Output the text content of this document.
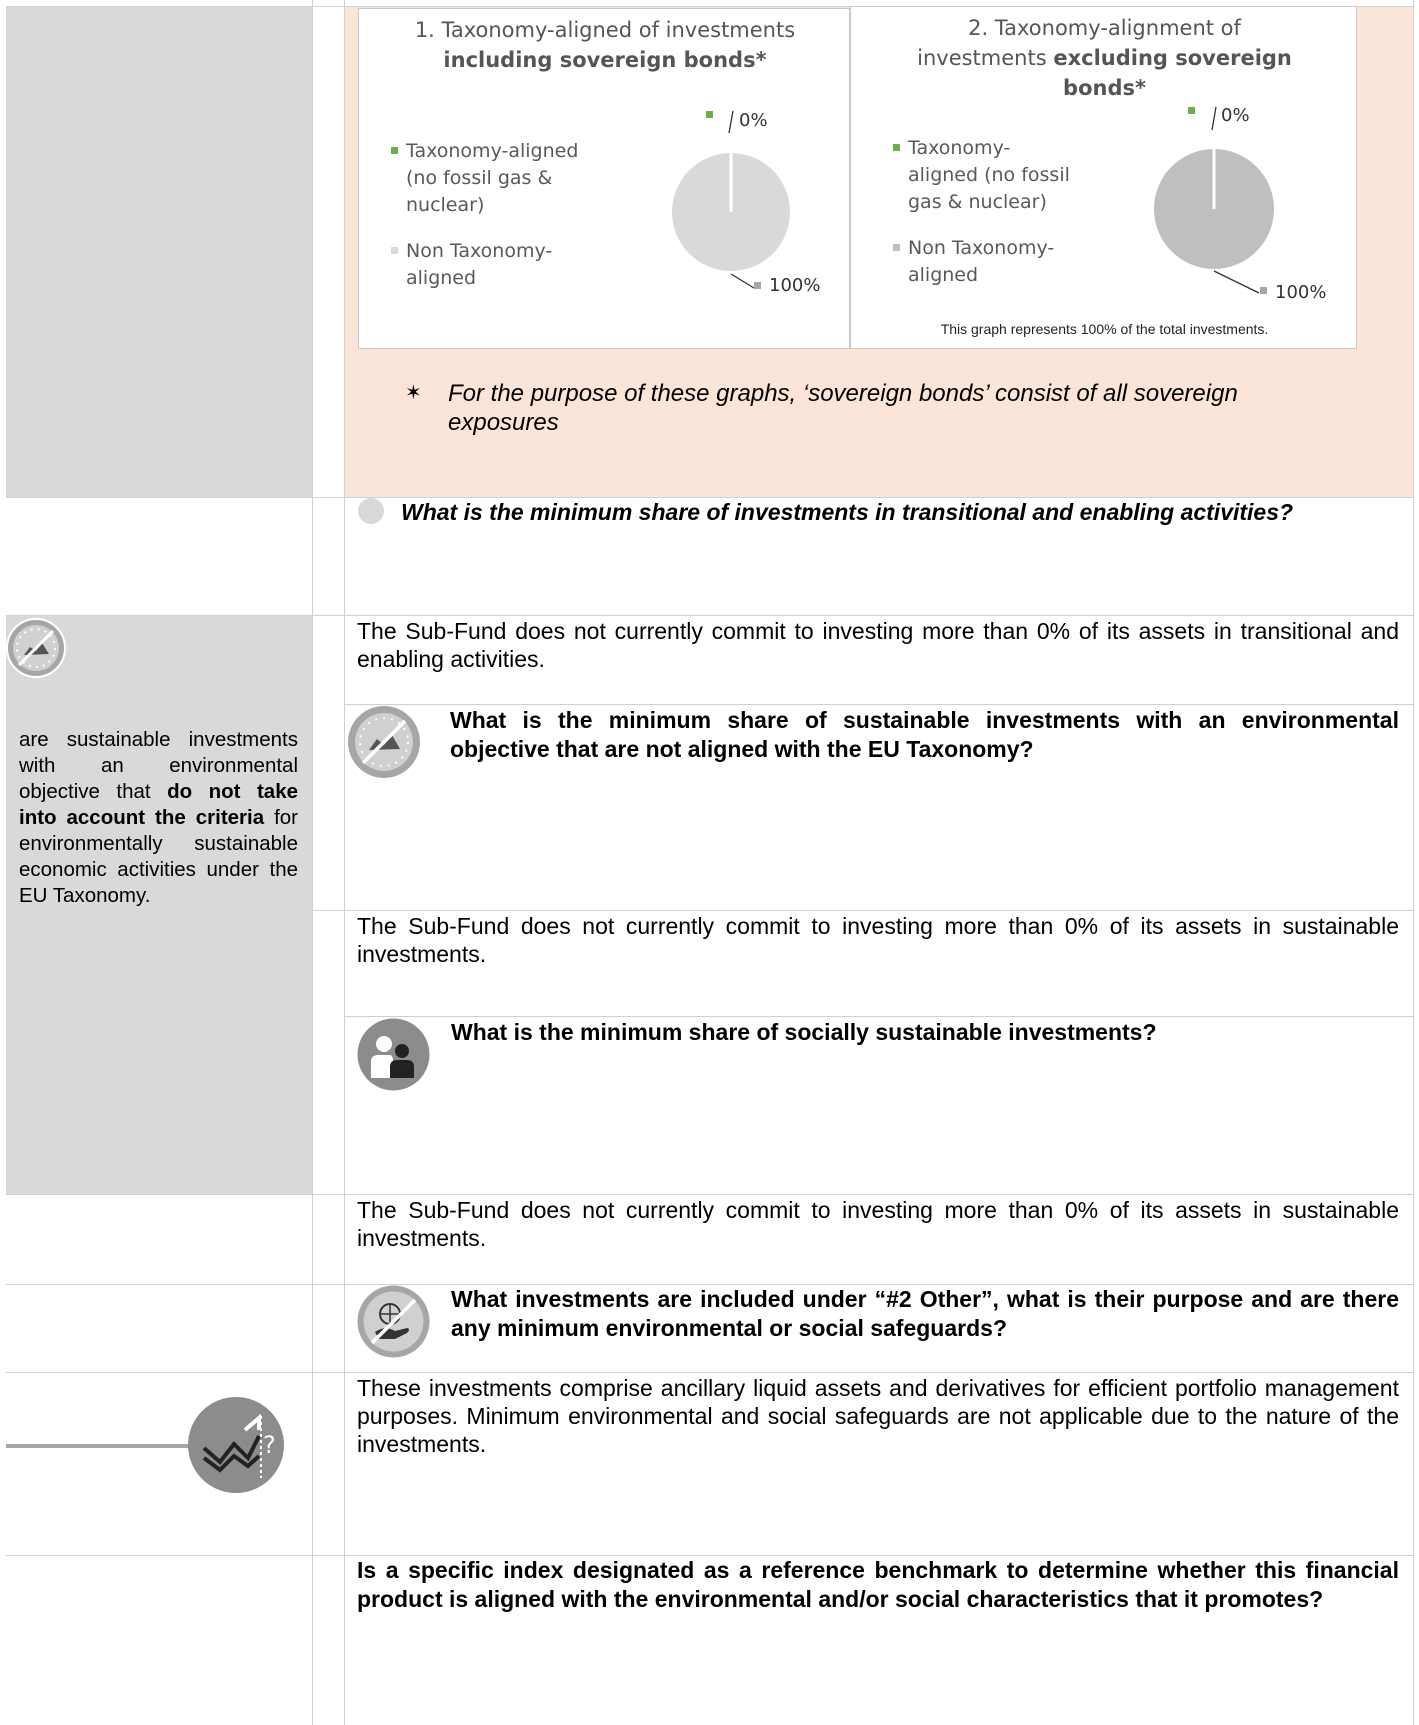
1. Taxonomy-aligned of investments
including sovereign bonds*
Taxonomy-aligned
(no fossil gas &
nuclear)
Non Taxonomy-
aligned
0%
100%
2. Taxonomy-alignment of
investments excluding sovereign
bonds*
Taxonomy-
aligned (no fossil
gas & nuclear)
Non Taxonomy-
aligned
0%
100%
This graph represents 100% of the total investments.
✶ For the purpose of these graphs, ‘sovereign bonds’ consist of all sovereign
exposures
What is the minimum share of investments in transitional and enabling activities?
The Sub-Fund does not currently commit to investing more than 0% of its assets in transitional and enabling activities.
are sustainable investments with an environmental objective that do not take into account the criteria for environmentally sustainable economic activities under the EU Taxonomy.
What is the minimum share of sustainable investments with an environmental objective that are not aligned with the EU Taxonomy?
The Sub-Fund does not currently commit to investing more than 0% of its assets in sustainable investments.
What is the minimum share of socially sustainable investments?
The Sub-Fund does not currently commit to investing more than 0% of its assets in sustainable investments.
What investments are included under “#2 Other”, what is their purpose and are there any minimum environmental or social safeguards?
?
These investments comprise ancillary liquid assets and derivatives for efficient portfolio management purposes. Minimum environmental and social safeguards are not applicable due to the nature of the investments.
Is a specific index designated as a reference benchmark to determine whether this financial product is aligned with the environmental and/or social characteristics that it promotes?
